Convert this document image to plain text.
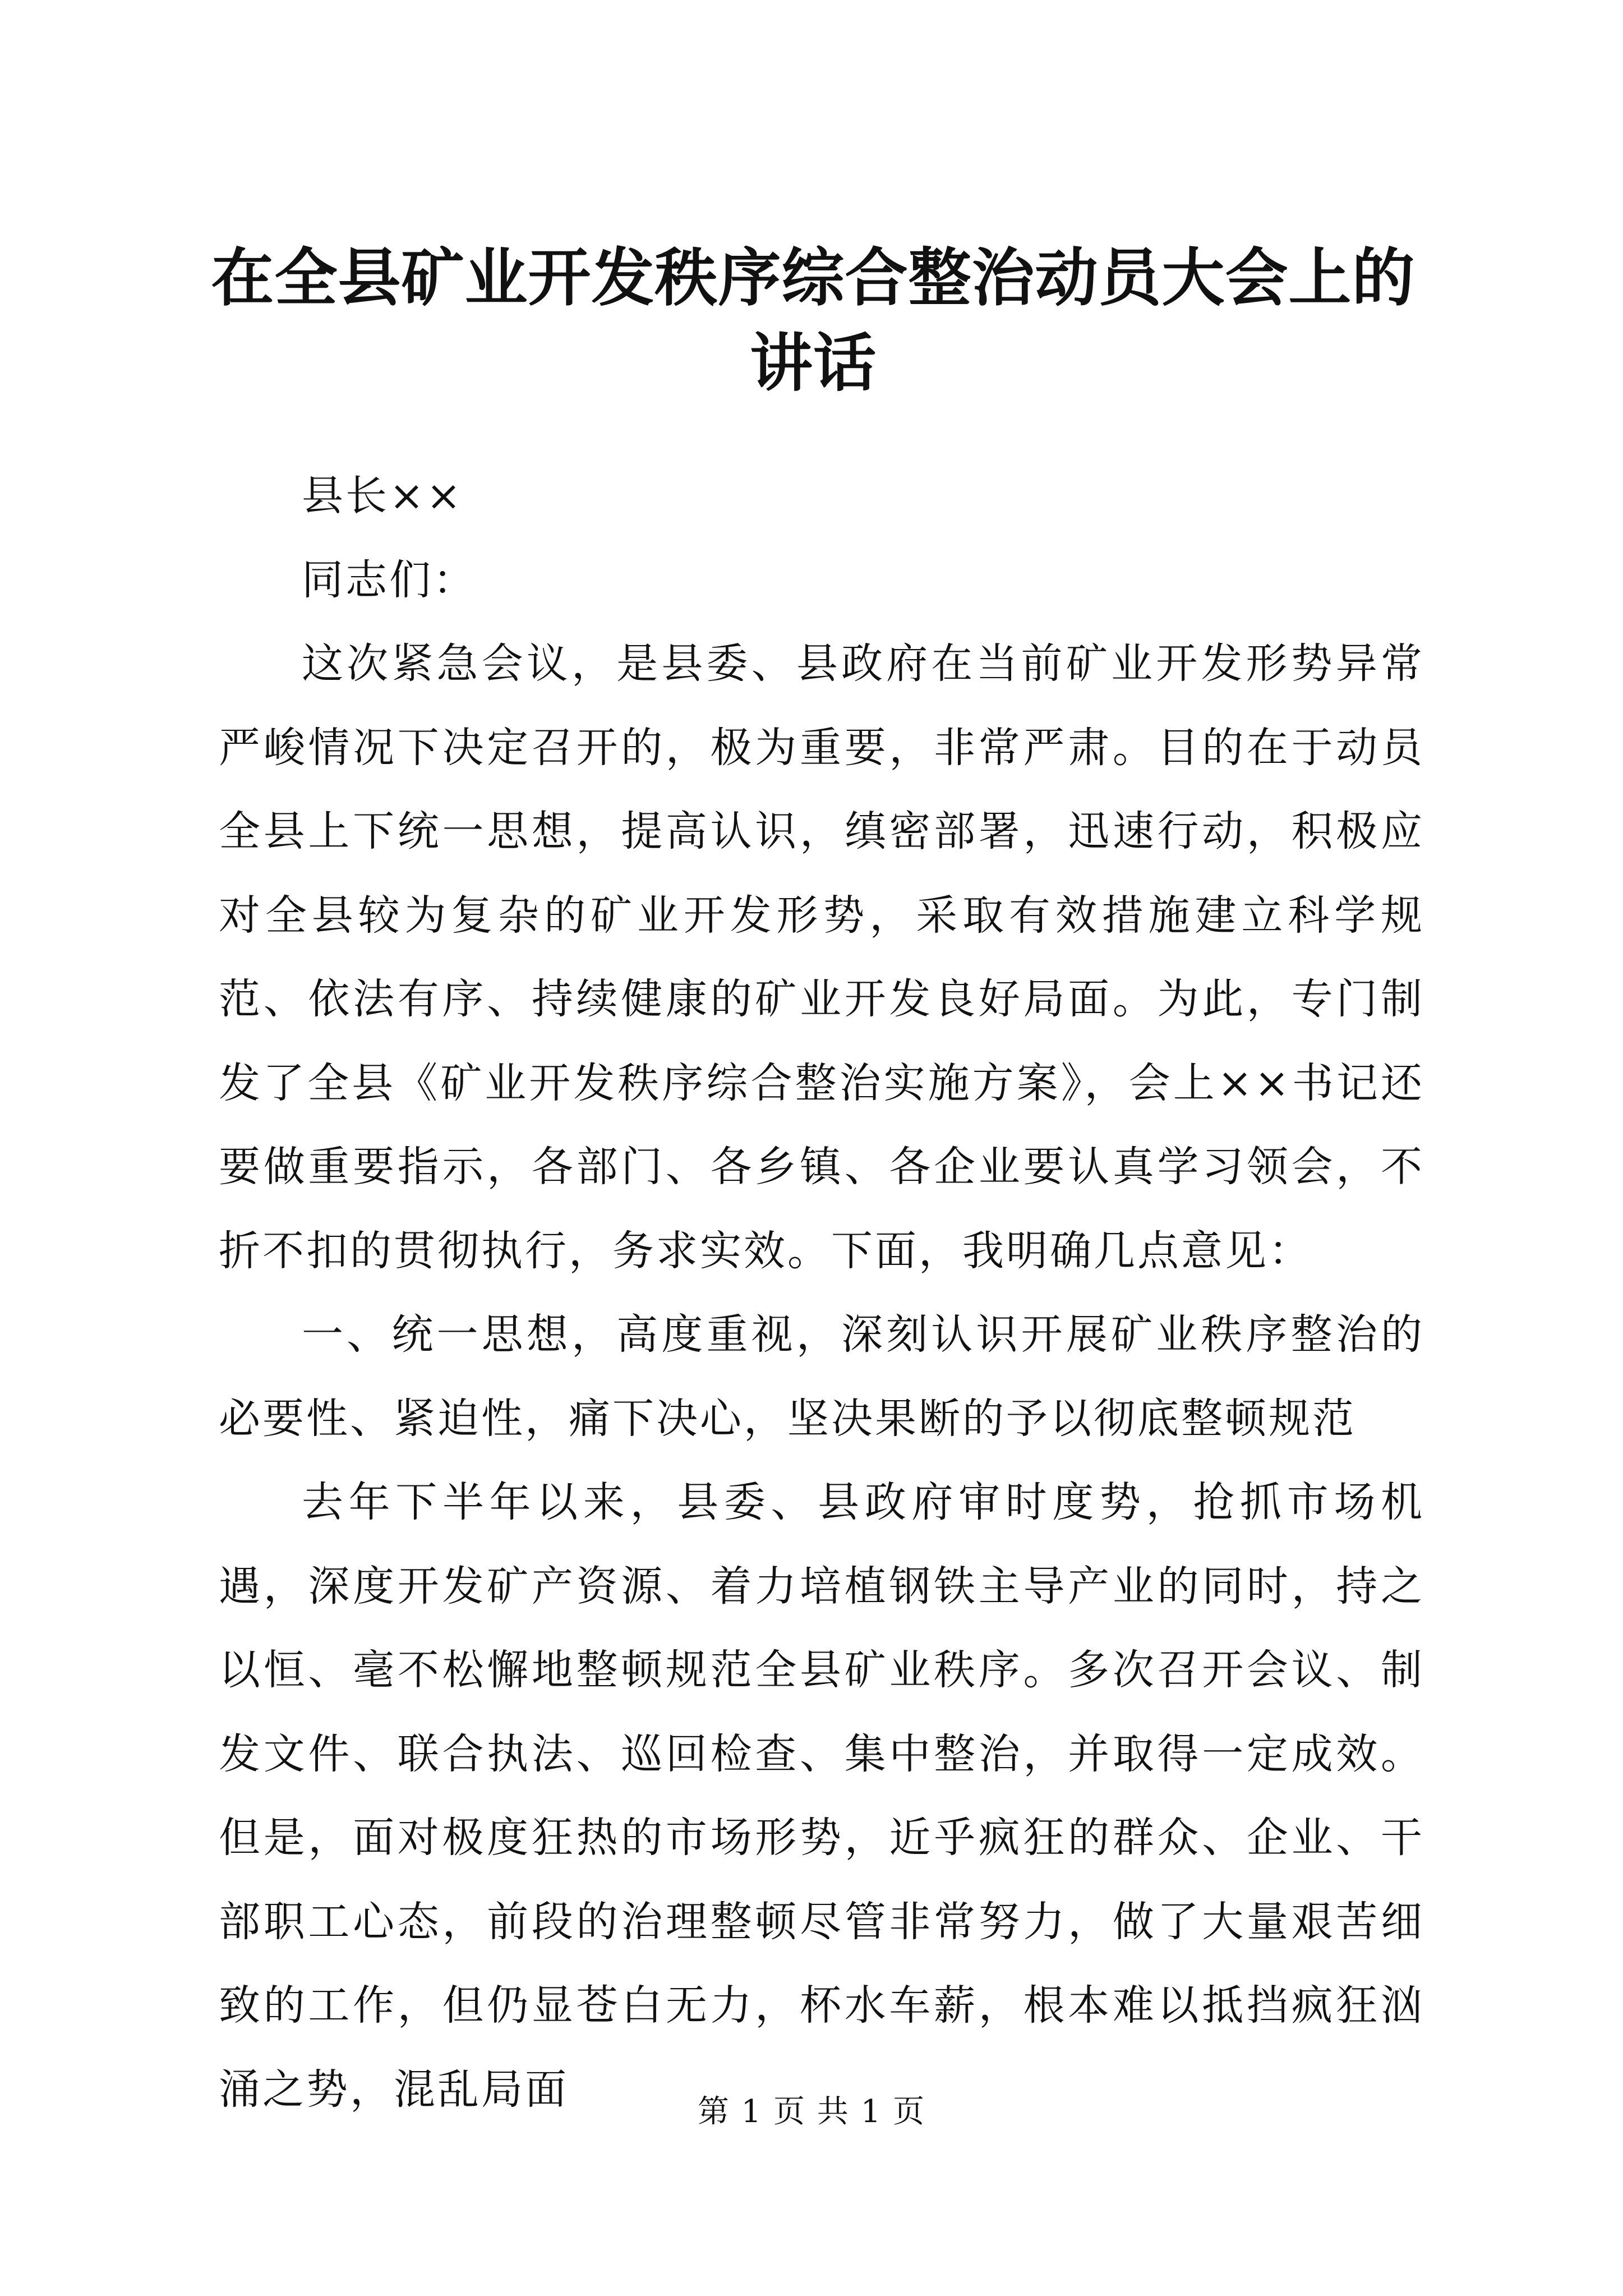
在全县矿业开发秩序综合整治动员大会上的讲话

县长××

同志们：

这次紧急会议，是县委、县政府在当前矿业开发形势异常严峻情况下决定召开的，极为重要，非常严肃。目的在于动员全县上下统一思想，提高认识，缜密部署，迅速行动，积极应对全县较为复杂的矿业开发形势，采取有效措施建立科学规范、依法有序、持续健康的矿业开发良好局面。为此，专门制发了全县《矿业开发秩序综合整治实施方案》，会上××书记还要做重要指示，各部门、各乡镇、各企业要认真学习领会，不折不扣的贯彻执行，务求实效。下面，我明确几点意见：

一、统一思想，高度重视，深刻认识开展矿业秩序整治的必要性、紧迫性，痛下决心，坚决果断的予以彻底整顿规范

去年下半年以来，县委、县政府审时度势，抢抓市场机遇，深度开发矿产资源、着力培植钢铁主导产业的同时，持之以恒、毫不松懈地整顿规范全县矿业秩序。多次召开会议、制发文件、联合执法、巡回检查、集中整治，并取得一定成效。但是，面对极度狂热的市场形势，近乎疯狂的群众、企业、干部职工心态，前段的治理整顿尽管非常努力，做了大量艰苦细致的工作，但仍显苍白无力，杯水车薪，根本难以抵挡疯狂汹涌之势，混乱局面	第 1 页 共 1 页
